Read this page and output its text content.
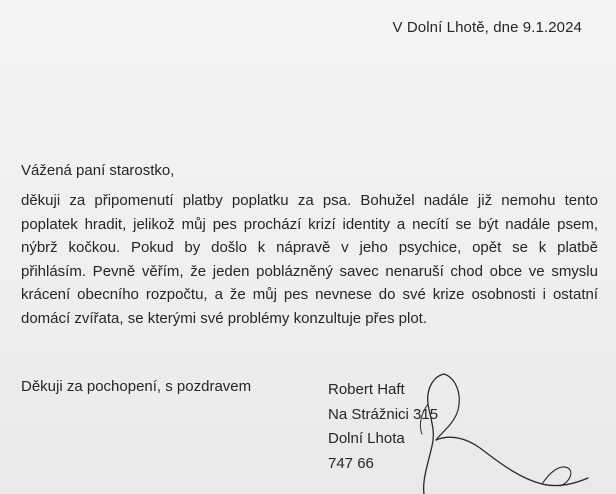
V Dolní Lhotě, dne 9.1.2024
Vážená paní starostko,
děkuji za připomenutí platby poplatku za psa. Bohužel nadále již nemohu tento
poplatek hradit, jelikož můj pes prochází krizí identity a necítí se být nadále psem,
nýbrž kočkou. Pokud by došlo k nápravě v jeho psychice, opět se k platbě
přihlásím. Pevně věřím, že jeden poblázněný savec nenaruší chod obce ve smyslu
krácení obecního rozpočtu, a že můj pes nevnese do své krize osobnosti i ostatní
domácí zvířata, se kterými své problémy konzultuje přes plot.
Děkuji za pochopení, s pozdravem	Robert Haft
Na Strážnici 315
Dolní Lhota
747 66
